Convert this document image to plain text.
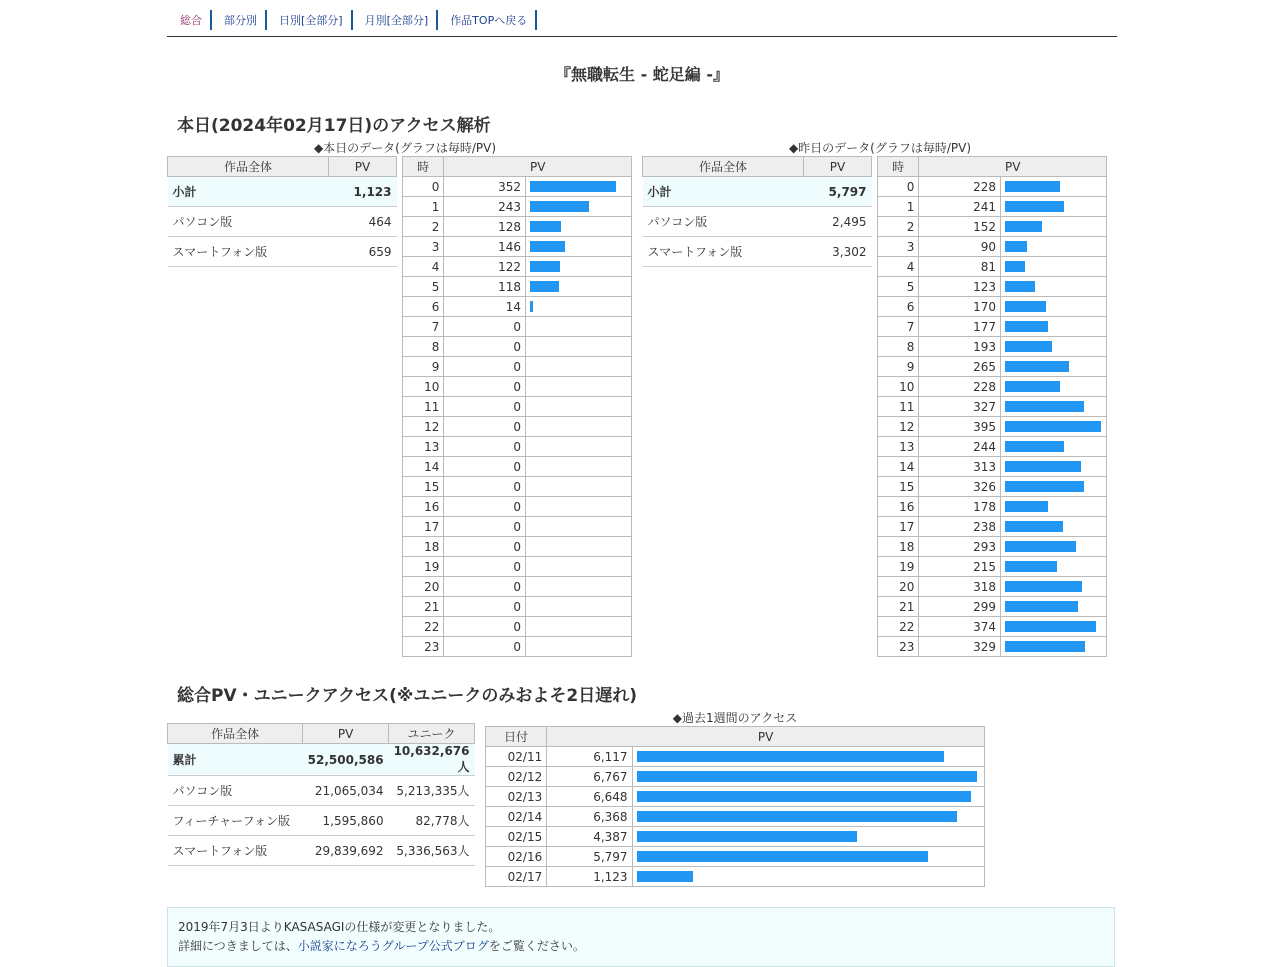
総合	部分別	日別[全部分]	月別[全部分]	作品TOPへ戻る
『無職転生 - 蛇足編 -』
本日(2024年02月17日)のアクセス解析
◆本日のデータ(グラフは毎時/PV)	◆昨日のデータ(グラフは毎時/PV)
作品全体	PV
小計	1,123
パソコン版	464
スマートフォン版	659
時	PV	
0	352	

1	243	

2	128	

3	146	

4	122	

5	118	

6	14	

7	0	
8	0	
9	0	
10	0	
11	0	
12	0	
13	0	
14	0	
15	0	
16	0	
17	0	
18	0	
19	0	
20	0	
21	0	
22	0	
23	0	
作品全体	PV
小計	5,797
パソコン版	2,495
スマートフォン版	3,302
時	PV	
0	228	

1	241	

2	152	

3	90	

4	81	

5	123	

6	170	

7	177	

8	193	

9	265	

10	228	

11	327	

12	395	

13	244	

14	313	

15	326	

16	178	

17	238	

18	293	

19	215	

20	318	

21	299	

22	374	

23	329	
総合PV・ユニークアクセス(※ユニークのみおよそ2日遅れ)
作品全体	PV	ユニーク
累計	52,500,586	10,632,676人
パソコン版	21,065,034	5,213,335人
フィーチャーフォン版	1,595,860	82,778人
スマートフォン版	29,839,692	5,336,563人
◆過去1週間のアクセス
日付	PV	
02/11	6,117	

02/12	6,767	

02/13	6,648	

02/14	6,368	

02/15	4,387	

02/16	5,797	

02/17	1,123	
2019年7月3日よりKASASAGIの仕様が変更となりました。
詳細につきましては、小説家になろうグループ公式ブログをご覧ください。
